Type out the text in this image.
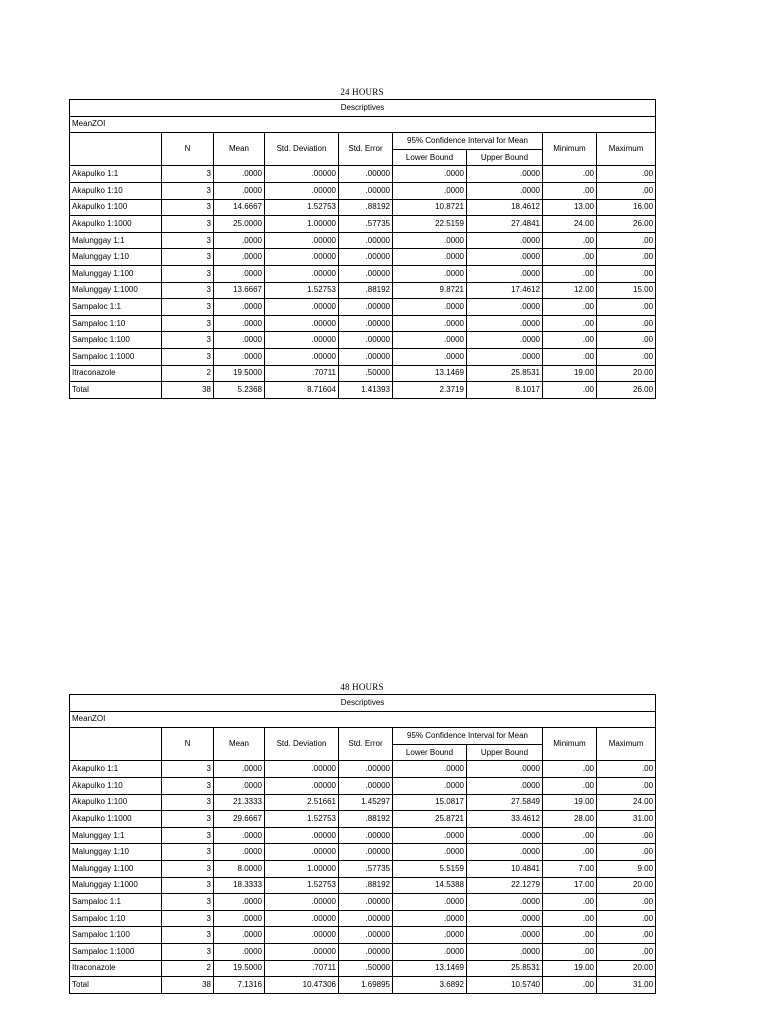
24 HOURS
Descriptives								
MeanZOI								
	N	Mean	Std. Deviation	Std. Error	95% Confidence Interval for Mean		Minimum	Maximum
					Lower Bound	Upper Bound		
Akapulko 1:1	3	.0000	.00000	.00000	.0000	.0000	.00	.00
Akapulko 1:10	3	.0000	.00000	.00000	.0000	.0000	.00	.00
Akapulko 1:100	3	14.6667	1.52753	.88192	10.8721	18.4612	13.00	16.00
Akapulko 1:1000	3	25.0000	1.00000	.57735	22.5159	27.4841	24.00	26.00
Malunggay 1:1	3	.0000	.00000	.00000	.0000	.0000	.00	.00
Malunggay 1:10	3	.0000	.00000	.00000	.0000	.0000	.00	.00
Malunggay 1:100	3	.0000	.00000	.00000	.0000	.0000	.00	.00
Malunggay 1:1000	3	13.6667	1.52753	.88192	9.8721	17.4612	12.00	15.00
Sampaloc 1:1	3	.0000	.00000	.00000	.0000	.0000	.00	.00
Sampaloc 1:10	3	.0000	.00000	.00000	.0000	.0000	.00	.00
Sampaloc 1:100	3	.0000	.00000	.00000	.0000	.0000	.00	.00
Sampaloc 1:1000	3	.0000	.00000	.00000	.0000	.0000	.00	.00
Itraconazole	2	19.5000	.70711	.50000	13.1469	25.8531	19.00	20.00
Total	38	5.2368	8.71604	1.41393	2.3719	8.1017	.00	26.00
48 HOURS
Descriptives								
MeanZOI								
	N	Mean	Std. Deviation	Std. Error	95% Confidence Interval for Mean		Minimum	Maximum
					Lower Bound	Upper Bound		
Akapulko 1:1	3	.0000	.00000	.00000	.0000	.0000	.00	.00
Akapulko 1:10	3	.0000	.00000	.00000	.0000	.0000	.00	.00
Akapulko 1:100	3	21.3333	2.51661	1.45297	15.0817	27.5849	19.00	24.00
Akapulko 1:1000	3	29.6667	1.52753	.88192	25.8721	33.4612	28.00	31.00
Malunggay 1:1	3	.0000	.00000	.00000	.0000	.0000	.00	.00
Malunggay 1:10	3	.0000	.00000	.00000	.0000	.0000	.00	.00
Malunggay 1:100	3	8.0000	1.00000	.57735	5.5159	10.4841	7.00	9.00
Malunggay 1:1000	3	18.3333	1.52753	.88192	14.5388	22.1279	17.00	20.00
Sampaloc 1:1	3	.0000	.00000	.00000	.0000	.0000	.00	.00
Sampaloc 1:10	3	.0000	.00000	.00000	.0000	.0000	.00	.00
Sampaloc 1:100	3	.0000	.00000	.00000	.0000	.0000	.00	.00
Sampaloc 1:1000	3	.0000	.00000	.00000	.0000	.0000	.00	.00
Itraconazole	2	19.5000	.70711	.50000	13.1469	25.8531	19.00	20.00
Total	38	7.1316	10.47306	1.69895	3.6892	10.5740	.00	31.00
